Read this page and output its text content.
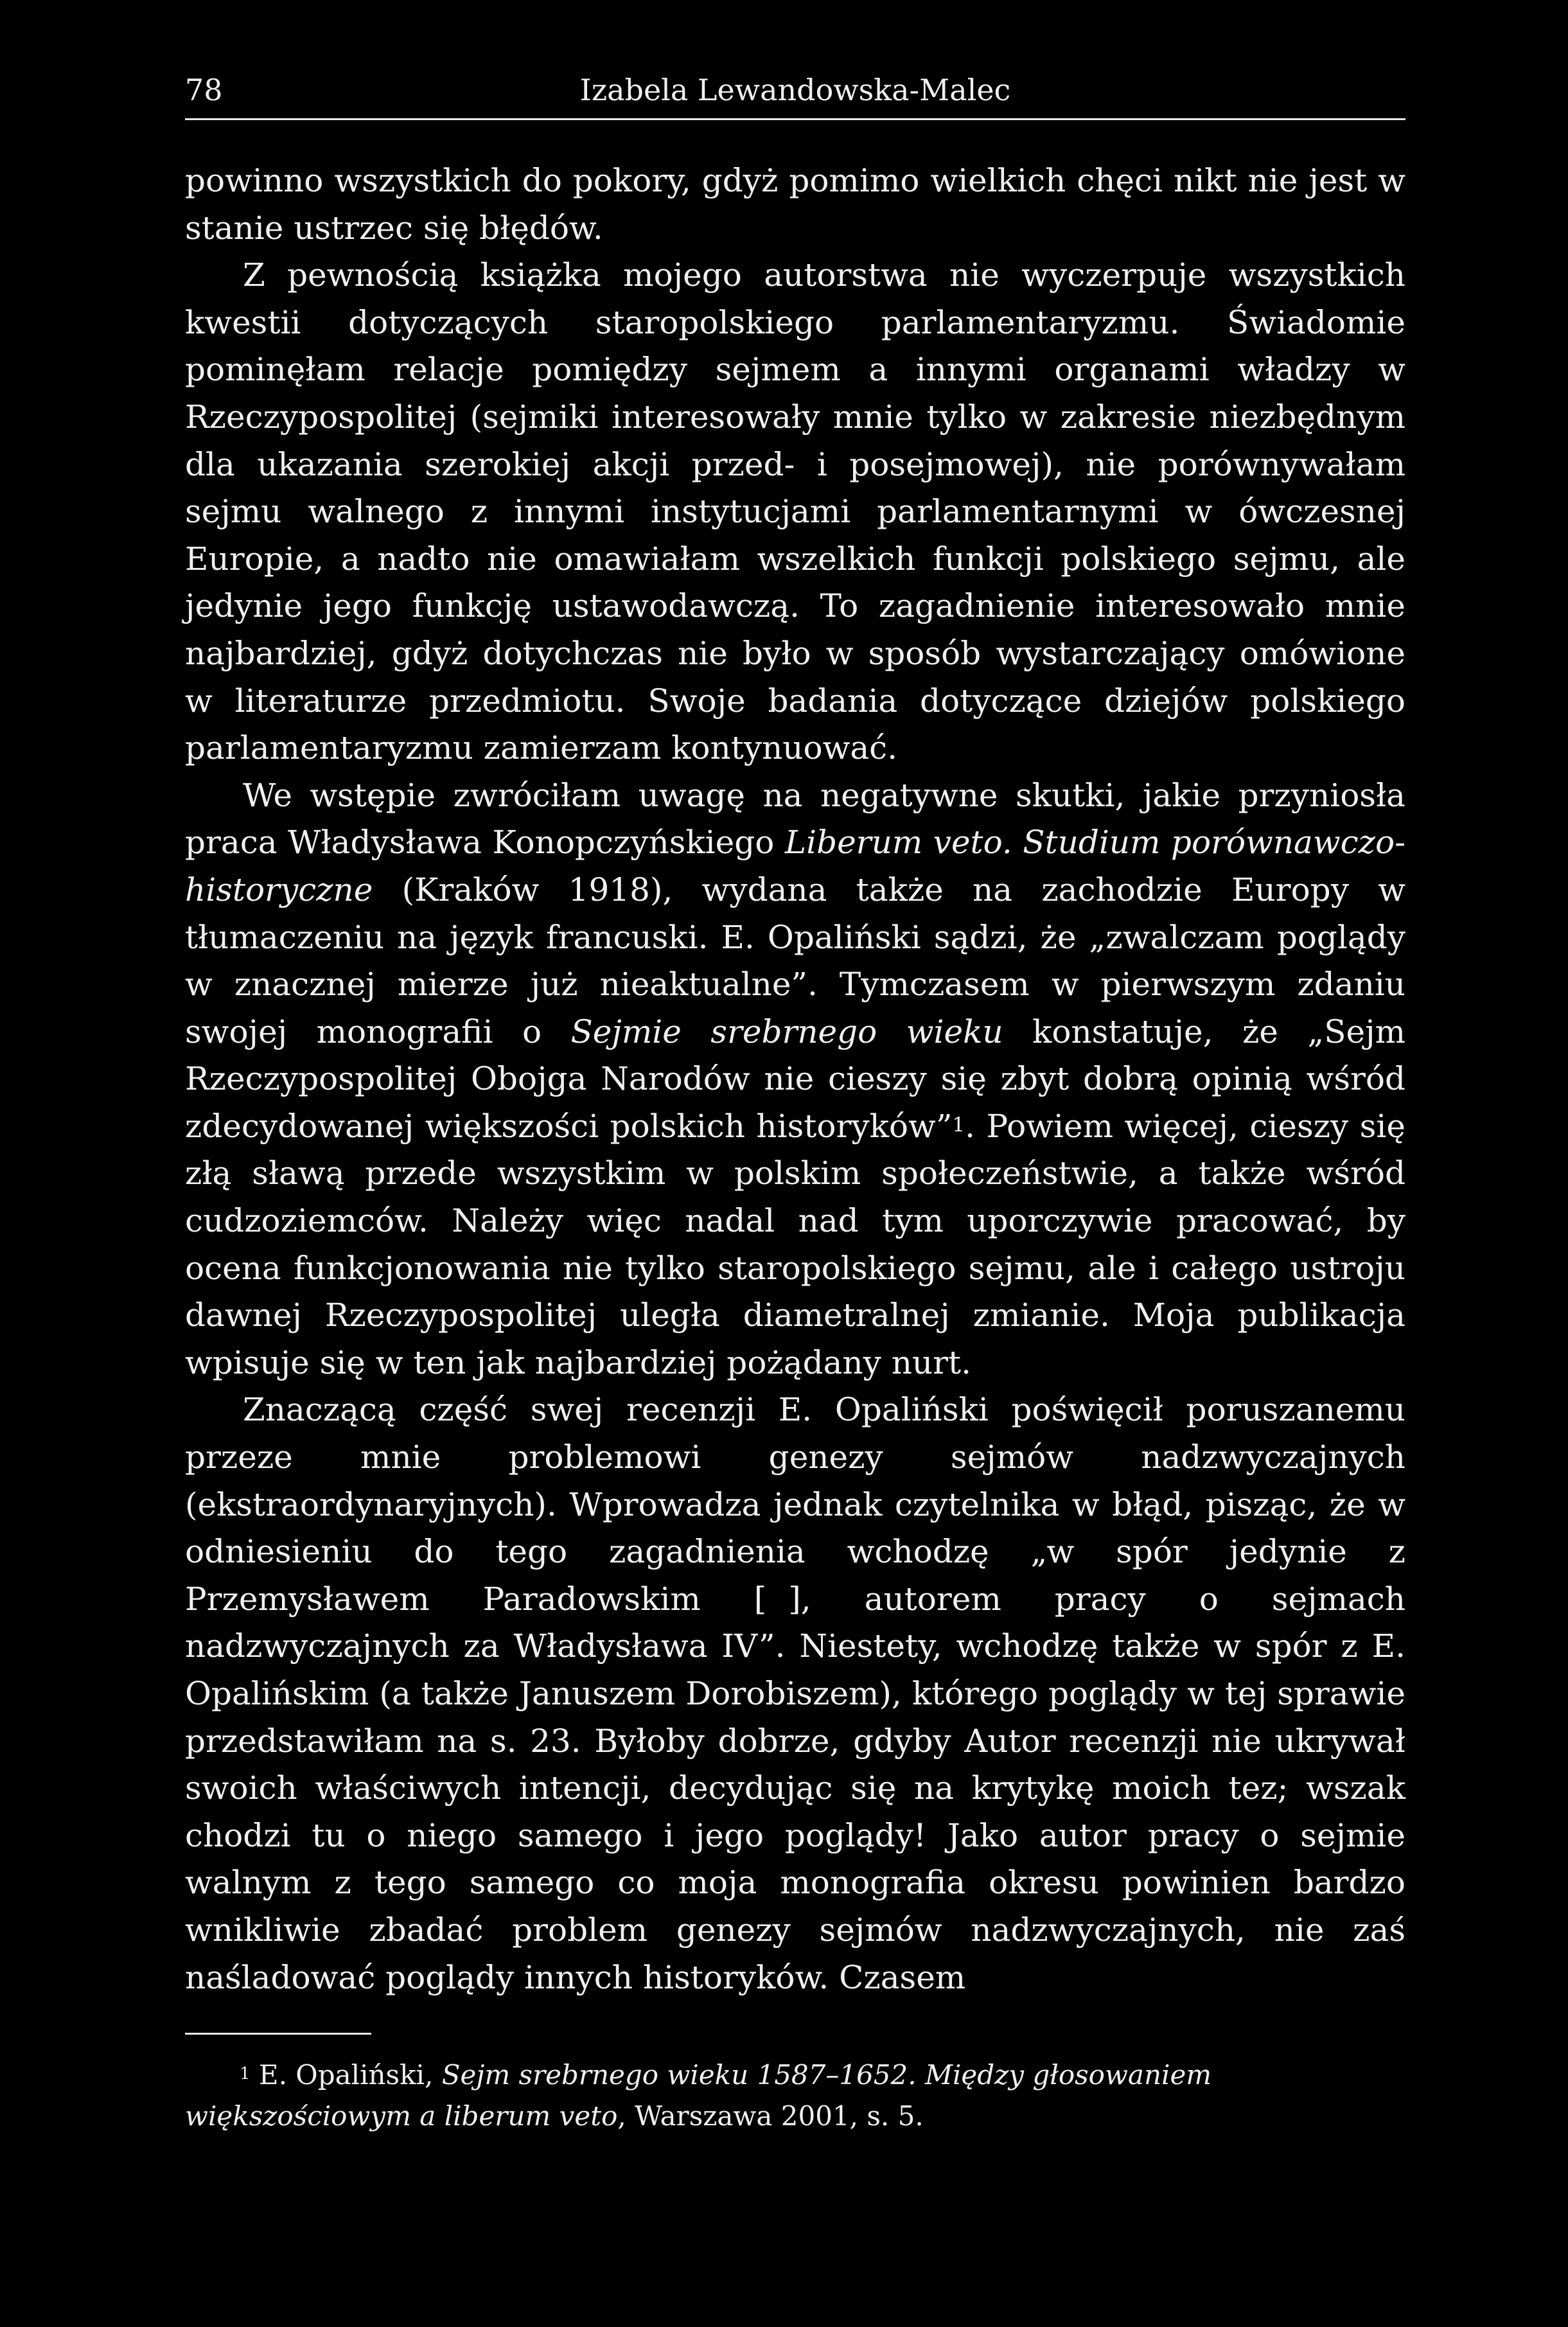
78	Izabela Lewandowska-Malec

powinno wszystkich do pokory, gdyż pomimo wielkich chęci nikt nie jest w stanie ustrzec się błędów.

Z pewnością książka mojego autorstwa nie wyczerpuje wszystkich kwestii dotyczących staropolskiego parlamentaryzmu. Świadomie pominęłam relacje pomiędzy sejmem a innymi organami władzy w Rzeczypospolitej (sejmiki interesowały mnie tylko w zakresie niezbędnym dla ukazania szerokiej akcji przed- i posejmowej), nie porównywałam sejmu walnego z innymi instytucjami parlamentarnymi w ówczesnej Europie, a nadto nie omawiałam wszelkich funkcji polskiego sejmu, ale jedynie jego funkcję ustawodawczą. To zagadnienie interesowało mnie najbardziej, gdyż dotychczas nie było w sposób wystarczający omówione w literaturze przedmiotu. Swoje badania dotyczące dziejów polskiego parlamentaryzmu zamierzam kontynuować.

We wstępie zwróciłam uwagę na negatywne skutki, jakie przyniosła praca Władysława Konopczyńskiego Liberum veto. Studium porównawczo-historyczne (Kraków 1918), wydana także na zachodzie Europy w tłumaczeniu na język francuski. E. Opaliński sądzi, że „zwalczam poglądy w znacznej mierze już nieaktualne”. Tymczasem w pierwszym zdaniu swojej monografii o Sejmie srebrnego wieku konstatuje, że „Sejm Rzeczypospolitej Obojga Narodów nie cieszy się zbyt dobrą opinią wśród zdecydowanej większości polskich historyków”$^1$. Powiem więcej, cieszy się złą sławą przede wszystkim w polskim społeczeństwie, a także wśród cudzoziemców. Należy więc nadal nad tym uporczywie pracować, by ocena funkcjonowania nie tylko staropolskiego sejmu, ale i całego ustroju dawnej Rzeczypospolitej uległa diametralnej zmianie. Moja publikacja wpisuje się w ten jak najbardziej pożądany nurt.

Znaczącą część swej recenzji E. Opaliński poświęcił poruszanemu przeze mnie problemowi genezy sejmów nadzwyczajnych (ekstraordynaryjnych). Wprowadza jednak czytelnika w błąd, pisząc, że w odniesieniu do tego zagadnienia wchodzę „w spór jedynie z Przemysławem Paradowskim [ ], autorem pracy o sejmach nadzwyczajnych za Władysława IV”. Niestety, wchodzę także w spór z E. Opalińskim (a także Januszem Dorobiszem), którego poglądy w tej sprawie przedstawiłam na s. 23. Byłoby dobrze, gdyby Autor recenzji nie ukrywał swoich właściwych intencji, decydując się na krytykę moich tez; wszak chodzi tu o niego samego i jego poglądy! Jako autor pracy o sejmie walnym z tego samego co moja monografia okresu powinien bardzo wnikliwie zbadać problem genezy sejmów nadzwyczajnych, nie zaś naśladować poglądy innych historyków. Czasem

$^1$ E. Opaliński, Sejm srebrnego wieku 1587–1652. Między głosowaniem większościowym a liberum veto, Warszawa 2001, s. 5.
